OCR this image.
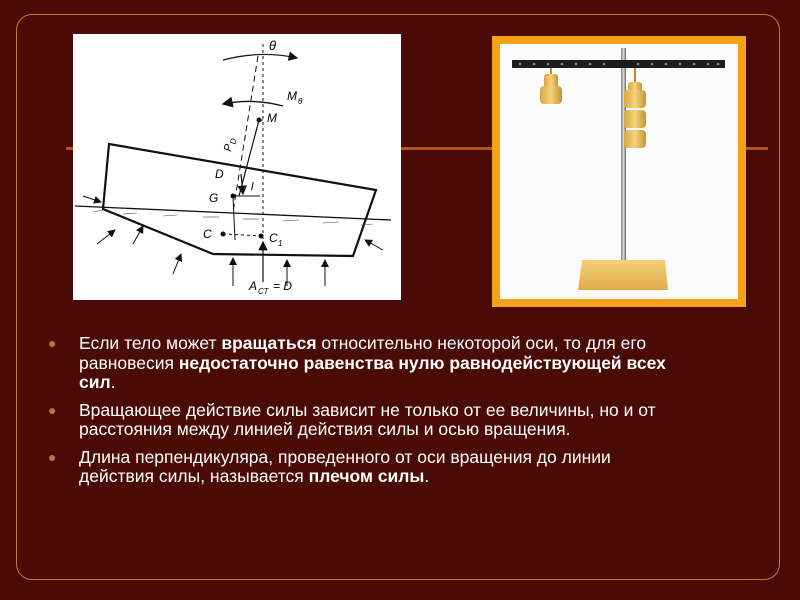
θ
M θ
M
D
G
l
C	C 1
P
D
A СТ = D
● Если тело может вращаться относительно некоторой оси, то для его равновесия недостаточно равенства нулю равнодействующей всех сил.
● Вращающее действие силы зависит не только от ее величины, но и от расстояния между линией действия силы и осью вращения.
● Длина перпендикуляра, проведенного от оси вращения до линии действия силы, называется плечом силы.
